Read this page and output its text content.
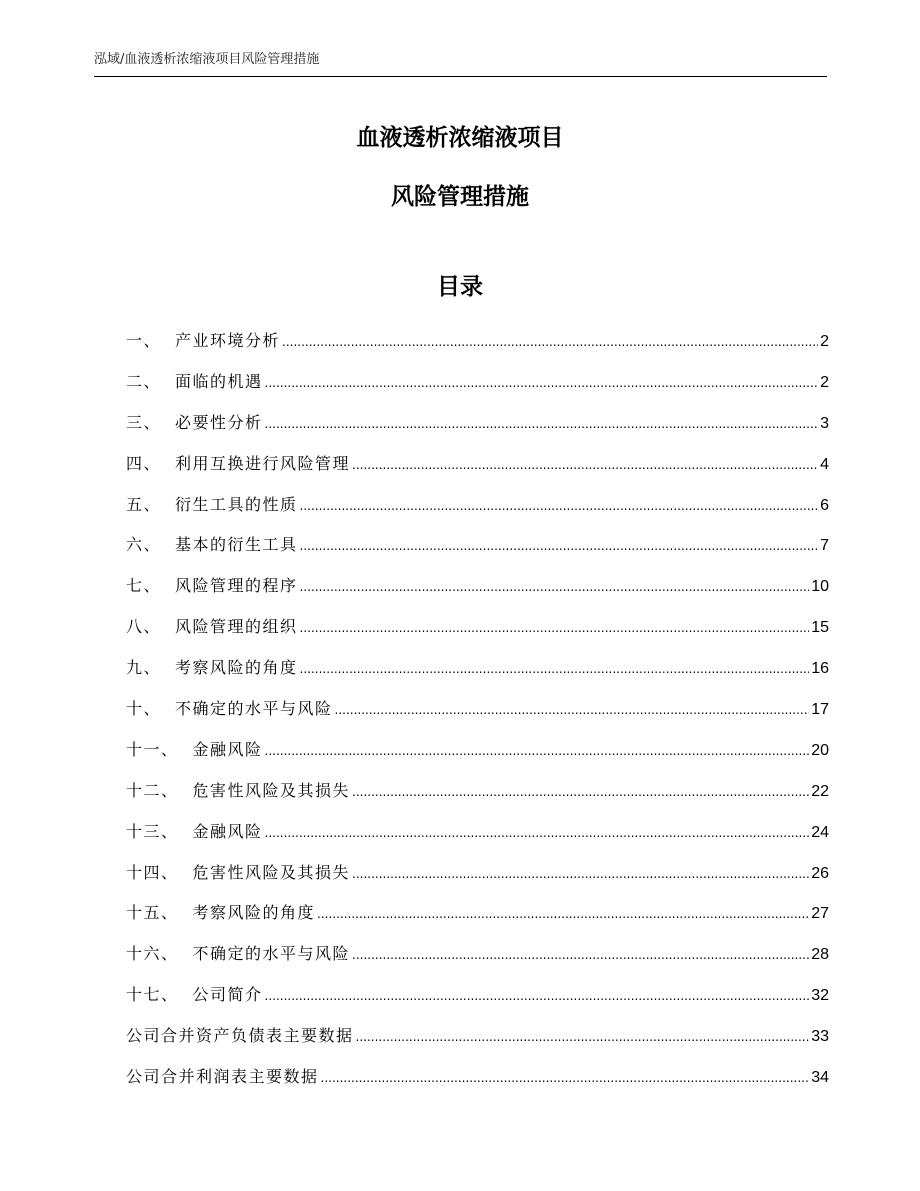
泓域/血液透析浓缩液项目风险管理措施
血液透析浓缩液项目
风险管理措施
目录
一、 产业环境分析 .....	2
二、 面临的机遇 .....	2
三、 必要性分析 .....	3
四、 利用互换进行风险管理 .....	4
五、 衍生工具的性质 .....	6
六、 基本的衍生工具 .....	7
七、 风险管理的程序 .....	10
八、 风险管理的组织 .....	15
九、 考察风险的角度 .....	16
十、 不确定的水平与风险 .....	17
十一、 金融风险 .....	20
十二、 危害性风险及其损失 .....	22
十三、 金融风险 .....	24
十四、 危害性风险及其损失 .....	26
十五、 考察风险的角度 .....	27
十六、 不确定的水平与风险 .....	28
十七、 公司简介 .....	32
公司合并资产负债表主要数据 .....	33
公司合并利润表主要数据 .....	34
